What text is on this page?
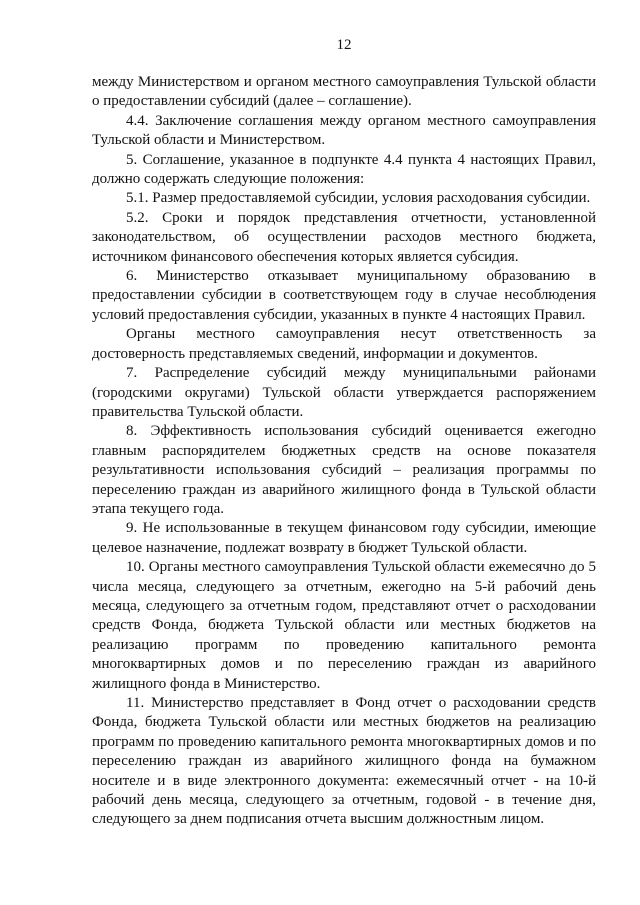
12

между Министерством и органом местного самоуправления Тульской области о предоставлении субсидий (далее – соглашение).

4.4. Заключение соглашения между органом местного самоуправления Тульской области и Министерством.

5. Соглашение, указанное в подпункте 4.4 пункта 4 настоящих Правил, должно содержать следующие положения:

5.1. Размер предоставляемой субсидии, условия расходования субсидии.

5.2. Сроки и порядок представления отчетности, установленной законодательством, об осуществлении расходов местного бюджета, источником финансового обеспечения которых является субсидия.

6. Министерство отказывает муниципальному образованию в предоставлении субсидии в соответствующем году в случае несоблюдения условий предоставления субсидии, указанных в пункте 4 настоящих Правил.

Органы местного самоуправления несут ответственность за достоверность представляемых сведений, информации и документов.

7. Распределение субсидий между муниципальными районами (городскими округами) Тульской области утверждается распоряжением правительства Тульской области.

8. Эффективность использования субсидий оценивается ежегодно главным распорядителем бюджетных средств на основе показателя результативности использования субсидий – реализация программы по переселению граждан из аварийного жилищного фонда в Тульской области этапа текущего года.

9. Не использованные в текущем финансовом году субсидии, имеющие целевое назначение, подлежат возврату в бюджет Тульской области.

10. Органы местного самоуправления Тульской области ежемесячно до 5 числа месяца, следующего за отчетным, ежегодно на 5-й рабочий день месяца, следующего за отчетным годом, представляют отчет о расходовании средств Фонда, бюджета Тульской области или местных бюджетов на реализацию программ по проведению капитального ремонта многоквартирных домов и по переселению граждан из аварийного жилищного фонда в Министерство.

11. Министерство представляет в Фонд отчет о расходовании средств Фонда, бюджета Тульской области или местных бюджетов на реализацию программ по проведению капитального ремонта многоквартирных домов и по переселению граждан из аварийного жилищного фонда на бумажном носителе и в виде электронного документа: ежемесячный отчет - на 10-й рабочий день месяца, следующего за отчетным, годовой - в течение дня, следующего за днем подписания отчета высшим должностным лицом.
